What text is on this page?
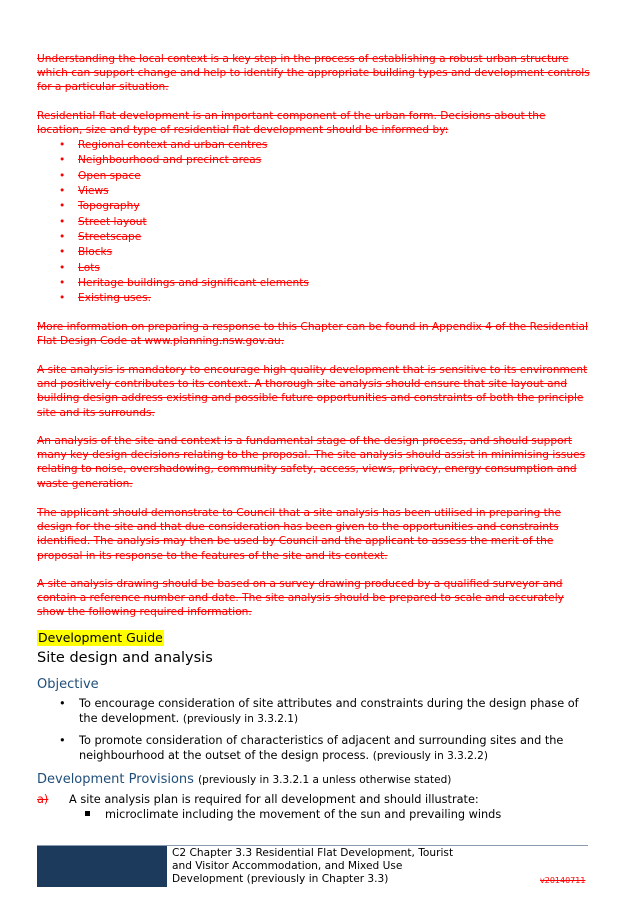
Understanding the local context is a key step in the process of establishing a robust urban structure which can support change and help to identify the appropriate building types and development controls for a particular situation.

Residential flat development is an important component of the urban form. Decisions about the location, size and type of residential flat development should be informed by:

• Regional context and urban centres
• Neighbourhood and precinct areas
• Open space
• Views
• Topography
• Street layout
• Streetscape
• Blocks
• Lots
• Heritage buildings and significant elements
• Existing uses.

More information on preparing a response to this Chapter can be found in Appendix 4 of the Residential Flat Design Code at www.planning.nsw.gov.au.

A site analysis is mandatory to encourage high quality development that is sensitive to its environment and positively contributes to its context. A thorough site analysis should ensure that site layout and building design address existing and possible future opportunities and constraints of both the principle site and its surrounds.

An analysis of the site and context is a fundamental stage of the design process, and should support many key design decisions relating to the proposal. The site analysis should assist in minimising issues relating to noise, overshadowing, community safety, access, views, privacy, energy consumption and waste generation.

The applicant should demonstrate to Council that a site analysis has been utilised in preparing the design for the site and that due consideration has been given to the opportunities and constraints identified. The analysis may then be used by Council and the applicant to assess the merit of the proposal in its response to the features of the site and its context.

A site analysis drawing should be based on a survey drawing produced by a qualified surveyor and contain a reference number and date. The site analysis should be prepared to scale and accurately show the following required information.

Development Guide
Site design and analysis
Objective
•	To encourage consideration of site attributes and constraints during the design phase of the development. (previously in 3.3.2.1)
•	To promote consideration of characteristics of adjacent and surrounding sites and the neighbourhood at the outset of the design process. (previously in 3.3.2.2)
Development Provisions (previously in 3.3.2.1 a unless otherwise stated)
a) A site analysis plan is required for all development and should illustrate:
microclimate including the movement of the sun and prevailing winds
C2 Chapter 3.3 Residential Flat Development, Tourist and Visitor Accommodation, and Mixed Use Development (previously in Chapter 3.3)	v20140711
